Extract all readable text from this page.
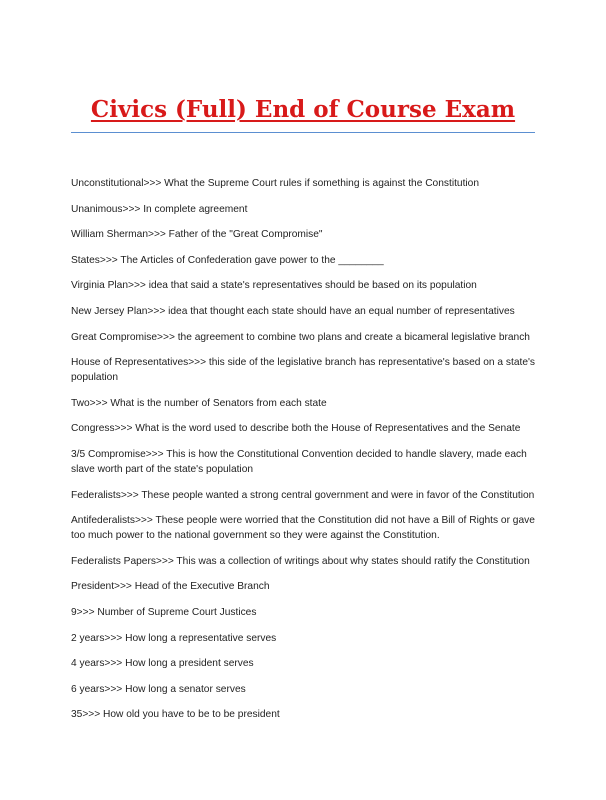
Civics (Full) End of Course Exam
Unconstitutional>>> What the Supreme Court rules if something is against the Constitution
Unanimous>>> In complete agreement
William Sherman>>> Father of the "Great Compromise"
States>>> The Articles of Confederation gave power to the ________
Virginia Plan>>> idea that said a state's representatives should be based on its population
New Jersey Plan>>> idea that thought each state should have an equal number of representatives
Great Compromise>>> the agreement to combine two plans and create a bicameral legislative branch
House of Representatives>>> this side of the legislative branch has representative's based on a state's population
Two>>> What is the number of Senators from each state
Congress>>> What is the word used to describe both the House of Representatives and the Senate
3/5 Compromise>>> This is how the Constitutional Convention decided to handle slavery, made each slave worth part of the state's population
Federalists>>> These people wanted a strong central government and were in favor of the Constitution
Antifederalists>>> These people were worried that the Constitution did not have a Bill of Rights or gave too much power to the national government so they were against the Constitution.
Federalists Papers>>> This was a collection of writings about why states should ratify the Constitution
President>>> Head of the Executive Branch
9>>> Number of Supreme Court Justices
2 years>>> How long a representative serves
4 years>>> How long a president serves
6 years>>> How long a senator serves
35>>> How old you have to be to be president
